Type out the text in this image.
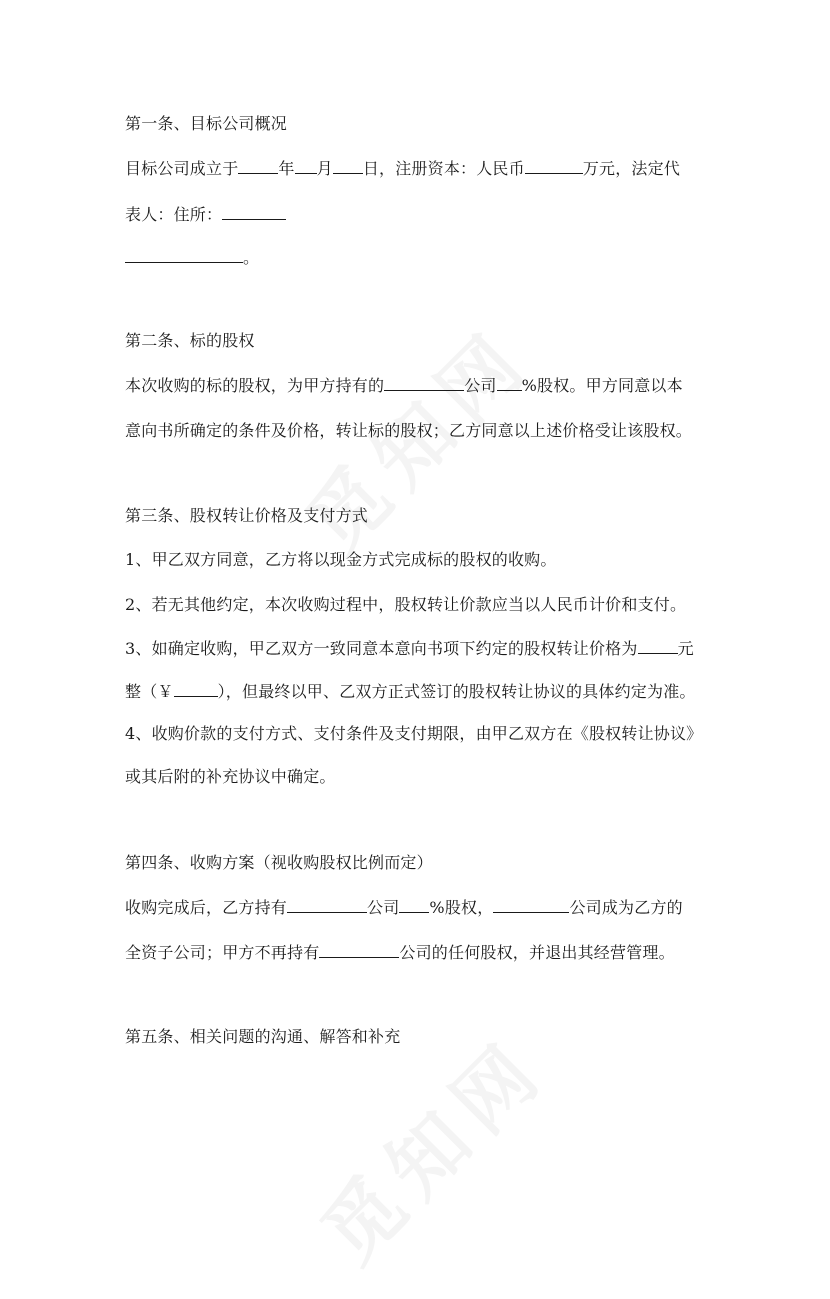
第一条、目标公司概况

目标公司成立于	年 月 日，注册资本：人民币	万元，法定代

表人：住所：

。

第二条、标的股权

本次收购的标的股权，为甲方持有的	公司 %股权。甲方同意以本

意向书所确定的条件及价格，转让标的股权；乙方同意以上述价格受让该股权。

第三条、股权转让价格及支付方式

1、甲乙双方同意，乙方将以现金方式完成标的股权的收购。

2、若无其他约定，本次收购过程中，股权转让价款应当以人民币计价和支付。

3、如确定收购，甲乙双方一致同意本意向书项下约定的股权转让价格为	元

整（￥	），但最终以甲、乙双方正式签订的股权转让协议的具体约定为准。

4、收购价款的支付方式、支付条件及支付期限，由甲乙双方在《股权转让协议》

或其后附的补充协议中确定。

第四条、收购方案（视收购股权比例而定）

收购完成后，乙方持有	公司 %股权，	公司成为乙方的

全资子公司；甲方不再持有	公司的任何股权，并退出其经营管理。

第五条、相关问题的沟通、解答和补充
